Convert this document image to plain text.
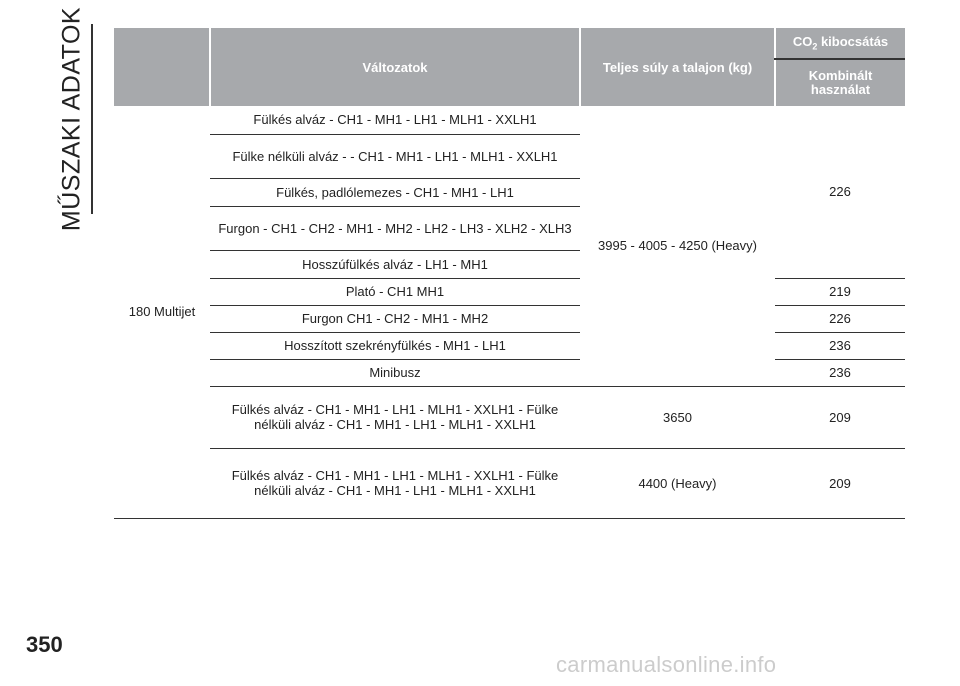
MŰSZAKI ADATOK
		Változatok	Teljes súly a talajon (kg)	$CO_2$ kibocsátás
			Kombinált használat
180 Multijet	Fülkés alváz - CH1 - MH1 - LH1 - MLH1 - XXLH1	3995 - 4005 - 4250 (Heavy)	226
	Fülke nélküli alváz - - CH1 - MH1 - LH1 - MLH1 - XXLH1		
	Fülkés, padlólemezes - CH1 - MH1 - LH1		
	Furgon - CH1 - CH2 - MH1 - MH2 - LH2 - LH3 - XLH2 - XLH3		
	Hosszúfülkés alváz - LH1 - MH1		
	Plató - CH1 MH1		219
	Furgon CH1 - CH2 - MH1 - MH2		226
	Hosszított szekrényfülkés - MH1 - LH1		236
	Minibusz		236
	Fülkés alváz - CH1 - MH1 - LH1 - MLH1 - XXLH1 - Fülke nélküli alváz - CH1 - MH1 - LH1 - MLH1 - XXLH1	3650	209
	Fülkés alváz - CH1 - MH1 - LH1 - MLH1 - XXLH1 - Fülke nélküli alváz - CH1 - MH1 - LH1 - MLH1 - XXLH1	4400 (Heavy)	209
350
carmanualsonline.info
